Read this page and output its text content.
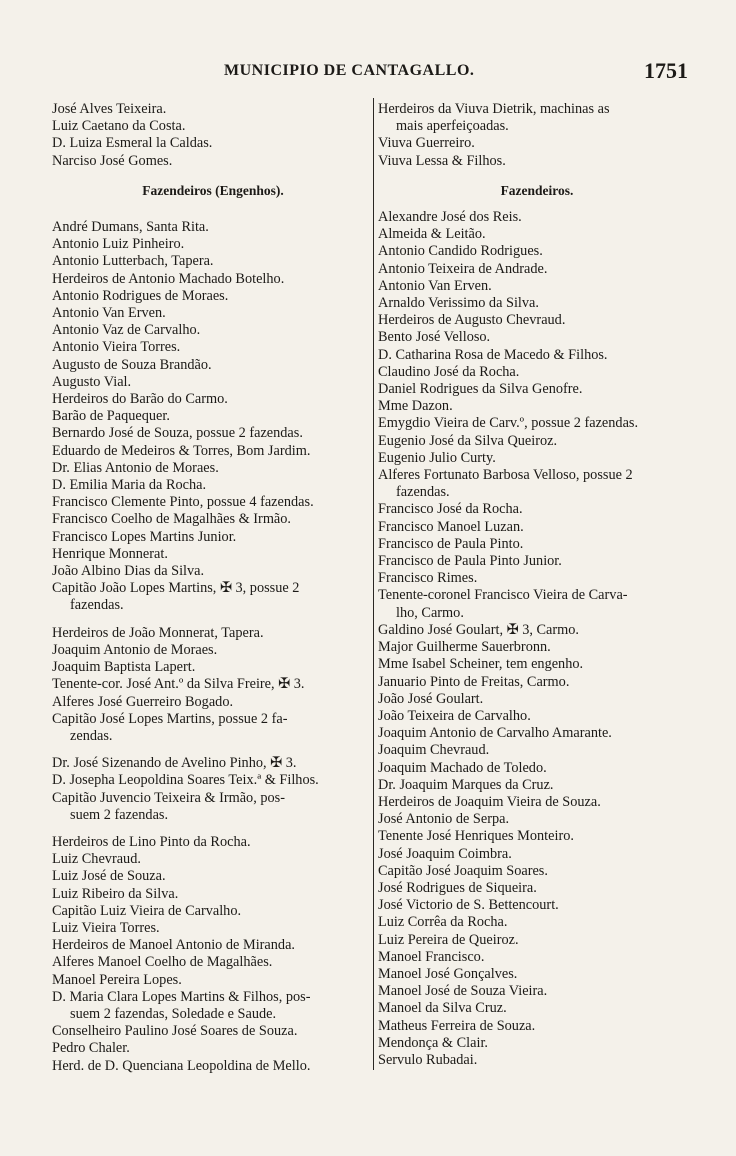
MUNICIPIO DE CANTAGALLO.	1751
José Alves Teixeira.
Luiz Caetano da Costa.
D. Luiza Esmeral la Caldas.
Narciso José Gomes.
Fazendeiros (Engenhos).
André Dumans, Santa Rita.
Antonio Luiz Pinheiro.
Antonio Lutterbach, Tapera.
Herdeiros de Antonio Machado Botelho.
Antonio Rodrigues de Moraes.
Antonio Van Erven.
Antonio Vaz de Carvalho.
Antonio Vieira Torres.
Augusto de Souza Brandão.
Augusto Vial.
Herdeiros do Barão do Carmo.
Barão de Paquequer.
Bernardo José de Souza, possue 2 fazendas.
Eduardo de Medeiros & Torres, Bom Jardim.
Dr. Elias Antonio de Moraes.
D. Emilia Maria da Rocha.
Francisco Clemente Pinto, possue 4 fazendas.
Francisco Coelho de Magalhães & Irmão.
Francisco Lopes Martins Junior.
Henrique Monnerat.
João Albino Dias da Silva.
Capitão João Lopes Martins, ✠ 3, possue 2
fazendas.
Herdeiros de João Monnerat, Tapera.
Joaquim Antonio de Moraes.
Joaquim Baptista Lapert.
Tenente-cor. José Ant.º da Silva Freire, ✠ 3.
Alferes José Guerreiro Bogado.
Capitão José Lopes Martins, possue 2 fa-
zendas.
Dr. José Sizenando de Avelino Pinho, ✠ 3.
D. Josepha Leopoldina Soares Teix.ª & Filhos.
Capitão Juvencio Teixeira & Irmão, pos-
suem 2 fazendas.
Herdeiros de Lino Pinto da Rocha.
Luiz Chevraud.
Luiz José de Souza.
Luiz Ribeiro da Silva.
Capitão Luiz Vieira de Carvalho.
Luiz Vieira Torres.
Herdeiros de Manoel Antonio de Miranda.
Alferes Manoel Coelho de Magalhães.
Manoel Pereira Lopes.
D. Maria Clara Lopes Martins & Filhos, pos-
suem 2 fazendas, Soledade e Saude.
Conselheiro Paulino José Soares de Souza.
Pedro Chaler.
Herd. de D. Quenciana Leopoldina de Mello.
Herdeiros da Viuva Dietrik, machinas as
mais aperfeiçoadas.
Viuva Guerreiro.
Viuva Lessa & Filhos.
Fazendeiros.
Alexandre José dos Reis.
Almeida & Leitão.
Antonio Candido Rodrigues.
Antonio Teixeira de Andrade.
Antonio Van Erven.
Arnaldo Verissimo da Silva.
Herdeiros de Augusto Chevraud.
Bento José Velloso.
D. Catharina Rosa de Macedo & Filhos.
Claudino José da Rocha.
Daniel Rodrigues da Silva Genofre.
Mme Dazon.
Emygdio Vieira de Carv.º, possue 2 fazendas.
Eugenio José da Silva Queiroz.
Eugenio Julio Curty.
Alferes Fortunato Barbosa Velloso, possue 2
fazendas.
Francisco José da Rocha.
Francisco Manoel Luzan.
Francisco de Paula Pinto.
Francisco de Paula Pinto Junior.
Francisco Rimes.
Tenente-coronel Francisco Vieira de Carva-
lho, Carmo.
Galdino José Goulart, ✠ 3, Carmo.
Major Guilherme Sauerbronn.
Mme Isabel Scheiner, tem engenho.
Januario Pinto de Freitas, Carmo.
João José Goulart.
João Teixeira de Carvalho.
Joaquim Antonio de Carvalho Amarante.
Joaquim Chevraud.
Joaquim Machado de Toledo.
Dr. Joaquim Marques da Cruz.
Herdeiros de Joaquim Vieira de Souza.
José Antonio de Serpa.
Tenente José Henriques Monteiro.
José Joaquim Coimbra.
Capitão José Joaquim Soares.
José Rodrigues de Siqueira.
José Victorio de S. Bettencourt.
Luiz Corrêa da Rocha.
Luiz Pereira de Queiroz.
Manoel Francisco.
Manoel José Gonçalves.
Manoel José de Souza Vieira.
Manoel da Silva Cruz.
Matheus Ferreira de Souza.
Mendonça & Clair.
Servulo Rubadai.
